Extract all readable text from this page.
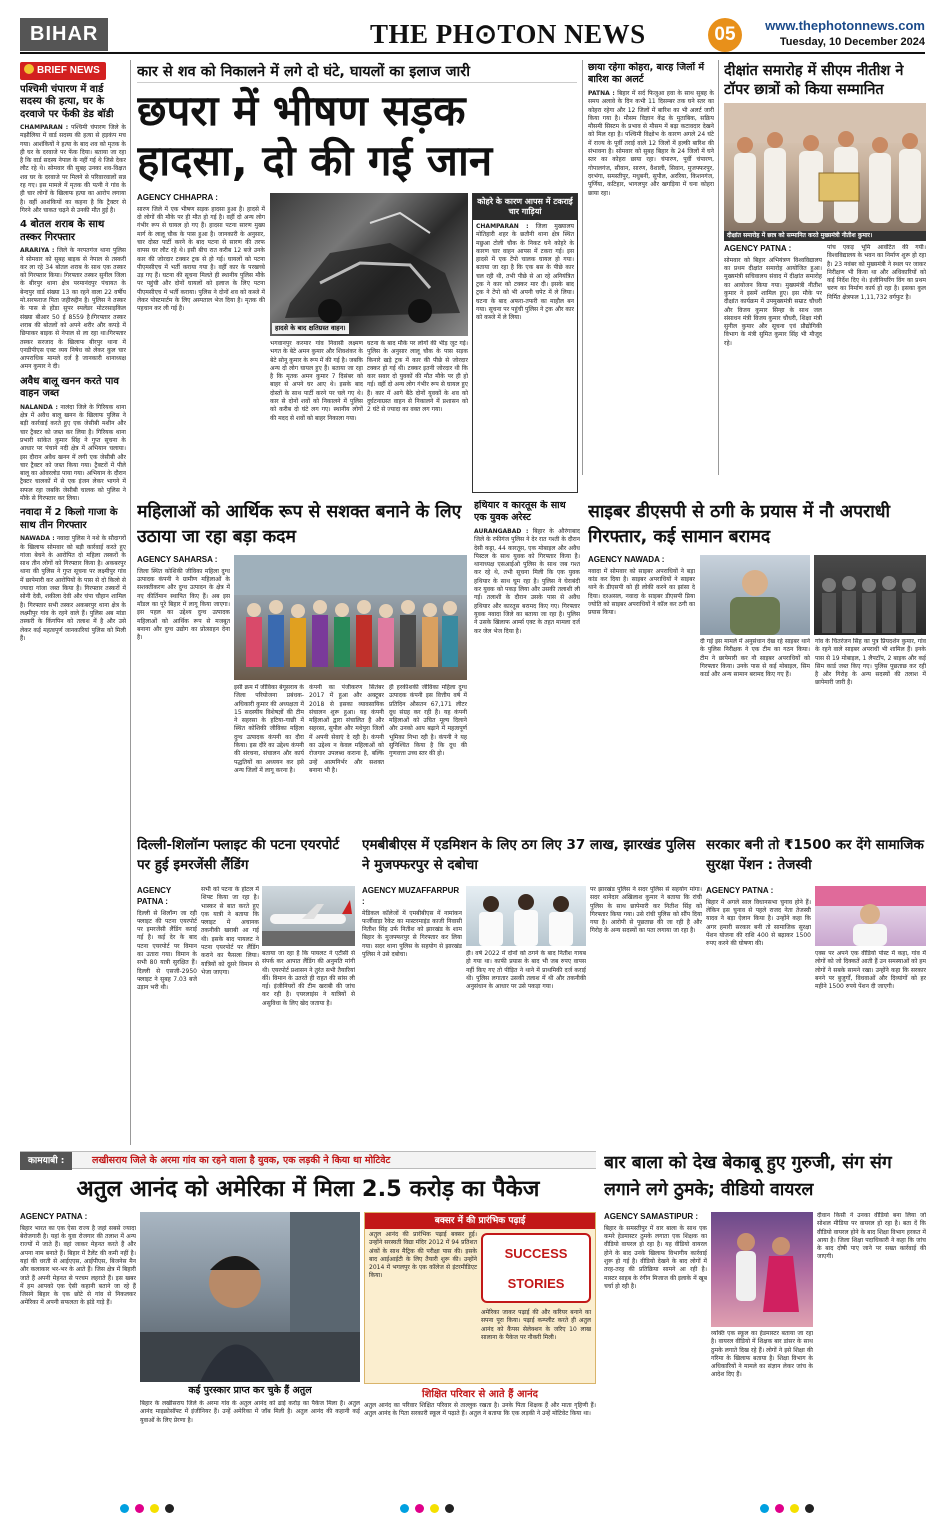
BIHAR	THE PH⊙TON NEWS	05	www.thephotonnews.com
Tuesday, 10 December 2024
BRIEF NEWS
पश्चिमी चंपारण में वार्ड सदस्य की हत्या, घर के दरवाजे पर फेंकी डेड बॉडी
CHAMPARAN : पश्चिमी चंपारण जिले के मझौलिया में वार्ड सदस्य की हत्या से हड़कंप मच गया। आशंकियों ने हत्या के बाद शव को मृतक के ही घर के दरवाजे पर फेंक दिया। बताया जा रहा है कि वार्ड सदस्य नेपाल के नहीं गई थे जिसे देकर लौट रहे थे। सोमवार की सुबह उनका शव-विक्षत शव घर के दरवाजे पर मिलने से परिवारवालों सन्न रह गए। इस मामले में मृतक की पत्नी ने गांव के ही चार लोगों के खिलाफ हत्या का आरोप लगाया है। वहीं आशंकियों का कहना है कि ट्रैक्टर से गिरने और चाकत चढ़ने से उनकी मौत हुई है।
4 बोतल शराब के साथ तस्कर गिरफ्तार
ARARIYA : जिले के नरपतगंज थाना पुलिस ने सोमवार को सुबह बाइक से नेपाल से तस्करी कर ला रहे 34 बोतल शराब के साथ एक तस्कर को गिरफ्तार किया। गिरफ्तार तस्कर सुनील जिला के बीरपुर थाना क्षेत्र परमानंदपुर पंचायत के बेन्दपुर वार्ड संख्या 13 का रहने वाला 22 वर्षीय मो.सरफराज पिता जहीरुद्दीन है। पुलिस ने तस्कर के पास से होंडा सुपर स्पलेंडर मोटरसाइकिल संख्या बीआर 50 ई 8559 है।गिरफ्तार तस्कर शराब की बोतलों को अपने शरीर और कपड़े में छिपाकर बाइक से नेपाल से ला रहा था।गिरफ्तार तस्कर सरजाद के खिलाफ बीरपुर थाना में एनडीपीएस एक्ट व्यय निषेध को लेकर कुल चार आपराधिक मामले दर्ज है जानकारी थानाध्यक्ष अमन कुमार ने दी।
अवैध बालू खनन करते पाव वाहन जब्त
NALANDA : नालंदा जिले के गिरियक थाना क्षेत्र में अवैध बालू खनन के खिलाफ पुलिस ने बड़ी कार्रवाई करते हुए एक जेसीबी मशीन और चार ट्रैक्टर को जब्त कर लिया है। गिरियक थाना प्रभारी सांकेत कुमार सिंह ने गुप्त सूचना के आधार पर पंचाने नदी क्षेत्र में अभियान चलाया। इस दौरान अवैध खनन में लगी एक जेसीबी और चार ट्रैक्टर को जब्त किया गया। ट्रैक्टरों में पीले बालू का ओवरलोड पाया गया। अभियान के दौरान ट्रैक्टर चालकों में से एक इंजन लेकर भागने में सफल रहा जबकि जेसीबी चालक को पुलिस ने मौके से गिरफ्तार कर लिया।
नवादा में 2 किलो गाजा के साथ तीन गिरफ्तार
NAWADA : नवादा पुलिस ने नशे के सौदागरों के खिलाफ सोमवार को बड़ी कार्रवाई करते हुए गांजा बेचने के आरोपित दो महिला तस्करों के साथ तीन लोगों को गिरफ्तार किया है। अकबरपुर थाना की पुलिस ने गुप्त सूचना पर लक्ष्मीपुर गांव में छापेमारी कर आरोपियों के पास से दो किलो से ज्यादा गांजा जब्त किया है। गिरफ्तार तस्करों में सोनी देवी, शकीला देवी और चंपा चौहान शामिल है। गिरफ्तार सभी तस्कर अकबरपुर थाना क्षेत्र के लक्ष्मीपुर गांव के रहने वाले हैं। पुलिस अब मांडा तस्करी के किंगपिन को तलाश में है और उसे लेकर कई महत्वपूर्ण जानकारियां पुलिस को मिली हैं।
कार से शव को निकालने में लगे दो घंटे, घायलों का इलाज जारी
छपरा में भीषण सड़क हादसा, दो की गई जान
AGENCY CHHAPRA :
सारण जिले में एक भीषण सड़क हादसा हुआ है। हादसे में दो लोगों की मौके पर ही मौत हो गई है। वहीं दो अन्य लोग गंभीर रूप से घायल हो गए हैं। हादसा पटना सारण मुख्य मार्ग के लालू चौक के पास हुआ है। जानकारी के अनुसार, चार दोस्त पार्टी करने के बाद पटना से सारण की तरफ वापस घर लौट रहे थे। इसी बीच रात करीब 12 बजे उनके कार की जोरदार टक्कर ट्रक से हो गई। घायलों को पटना पीएमसीएच में भर्ती कराया गया है। वहीं कार के परखच्चे उड़ गए हैं। घटना की सूचना मिलते ही स्थानीय पुलिस मौके पर पहुंची और दोनों घायलों को इलाज के लिए पटना पीएमसीएच में भर्ती कराया। पुलिस ने दोनों शव को कब्जे में लेकर पोस्टमार्टम के लिए अस्पताल भेज दिया है। मृतक की पहचान कर ली गई है।
हादसे के बाद क्षतिग्रस्त वाहन।
भगवानपुर करमार गांव निवासी लक्ष्मण भगत के बेटे अमन कुमार और शिवशंकर के बेटे सोनू कुमार के रूप में की गई है। जबकि अन्य दो लोग घायल हुए हैं। बताया जा रहा है कि मृतक अमन कुमार 7 दिसंबर को बाहर से अपने घर आए थे। इसके बाद दोस्तों के साथ पार्टी करने पर चले गए थे। कार से दोनों शवों को निकालने में पुलिस को करीब दो घंटे लग गए। स्थानीय लोगों की मदद से शवों को बाहर निकाला गया।
घटना के बाद मौके पर लोगों की भीड़ जुट गई। पुलिस के अनुसार लालू चौक के पास सड़क किनारे खड़े ट्रक में कार की पीछे से जोरदार टक्कर हो गई थी। टक्कर इतनी जोरदार थी कि कार सवार दो युवकों की मौत मौके पर ही हो गई। वहीं दो अन्य लोग गंभीर रूप से घायल हुए हैं। कार में आगे बैठे दोनों युवकों के शव को दुर्घटनाग्रस्त वाहन से निकालने में प्रशासन को 2 घंटे से ज्यादा का वक्त लग गया।
कोहरे के कारण आपस में टकराई चार गाड़ियां
CHAMPARAN : जिला मुख्यालय मोतिहारी शहर के छतौनी थाना क्षेत्र स्थित मछुआ टोली चौक के निकट घने कोहरे के कारण चार वाहन आपस में टकरा गई। इस हादसे में एक टेंपो चालक घायल हो गया। बताया जा रहा है कि एक बस के पीछे कार चल रही थी, तभी पीछे से आ रहे अनियंत्रित ट्रक ने कार को टक्कर मार दी। इसके बाद ट्रक ने टेंपो को भी अपनी चपेट में ले लिया। घटना के बाद अफरा-तफरी का माहौल बन गया। सूचना पर पहुंची पुलिस ने ट्रक और कार को कब्जे में ले लिया।
छाया रहेगा कोहरा, बारह जिलों में बारिश का अलर्ट
PATNA : बिहार में सर्द फिजुआ हवा के साथ सुबह के समय अलावे के दिन कभी 11 दिसम्बर तक घने स्तर का कोहरा रहेगा और 12 जिलों में बारिश का भी अलर्ट जारी किया गया है। मौसम विज्ञान केंद्र के मुताबिक, सक्रिय मौसमी सिस्टम के प्रभाव से मौसम में बढ़ा कटावदार देखने को मिल रहा है। पश्चिमी विक्षोभ के कारण अगले 24 घंटे में राज्य के पूर्वी तराई वाले 12 जिलों में हल्की बारिश की संभावना है। सोमवार को सुबह बिहार के 24 जिलों में घने स्तर का कोहरा छाया रहा। चंपारण, पूर्वी चंपारण, गोपालगंज, सीवान, सारण, वैशाली, सिवान, मुजफ्फरपुर, दरभंगा, समस्तीपुर, मधुबनी, सुपौल, अररिया, किशनगंज, पूर्णिया, कटिहार, भागलपुर और खगड़िया में घना कोहरा छाया रहा।
दीक्षांत समारोह में सीएम नीतीश ने टॉपर छात्रों को किया सम्मानित
दीक्षांत समारोह में छात्र को सम्मानित करते मुख्यमंत्री नीतीश कुमार।
AGENCY PATNA :
सोमवार को बिहार अभियंत्रण विश्वविद्यालय का प्रथम दीक्षांत समारोह आयोजित हुआ। मुख्यमंत्री सचिवालय संवाद में दीक्षांत समारोह का आयोजन किया गया। मुख्यमंत्री नीतीश कुमार ने इसमें शामिल हुए। इस मौके पर दीक्षांत कार्यक्रम में उपमुख्यमंत्री सम्राट चौधरी और विजय कुमार सिन्हा के साथ जल संसाधन मंत्री विजय कुमार चौधरी, शिक्षा मंत्री सुनील कुमार और सूचना एवं प्रौद्योगिकी विभाग के मंत्री सुमित कुमार सिंह भी मौजूद रहे।
पांच एकड़ भूमि आवंटित की गयी। विश्वविद्यालय के भवन का निर्माण शुरू हो रहा है। 23 नवंबर को मुख्यमंत्री ने स्थल पर जाकर निरीक्षण भी किया था और अधिकारियों को कई निर्देश दिए थे। इंजीनियरिंग विंग का प्रथम चरण का निर्माण कार्य हो रहा है। इसका कुल निर्मित क्षेत्रफल 1,11,732 वर्गफुट है।
महिलाओं को आर्थिक रूप से सशक्त बनाने के लिए उठाया जा रहा बड़ा कदम
AGENCY SAHARSA :
जिला स्थित कोशिकी जीविका महिला दुग्ध उत्पादक कंपनी ने ग्रामीण महिलाओं के सशक्तीकरण और दुग्ध उत्पादन के क्षेत्र में नए कीर्तिमान स्थापित किए हैं। अब इस मॉडल का पूरे बिहार में लागू किया जाएगा। इस पहल का उद्देश्य दुग्ध उत्पादक महिलाओं को आर्थिक रूप से मजबूत बनाना और दुग्ध उद्योग का प्रोत्साहन देना है।
इसी क्रम में जीविका बेगूसराय के जिला परियोजना प्रबंधक-अधिकारी कुमार की अध्यक्षता में 15 सदस्यीय विशेषज्ञों की टीम ने सहरसा के हटिया-गाछी में स्थित कोशिकी जीविका महिला दुग्ध उत्पादक कंपनी का दौरा किया। इस दौरे का उद्देश्य कंपनी की संरचना, संचालन और कार्य पद्धतियों का अध्ययन कर इसे अन्य जिलों में लागू करना है।
कंपनी का पंजीकरण सितंबर 2017 में हुआ और अक्टूबर 2018 से इसका व्यावसायिक संचालन शुरू हुआ। यह कंपनी महिलाओं द्वारा संचालित है और सहरसा, सुपौल और मधेपुरा जिलों में अपनी सेवाएं दे रही है। कंपनी का उद्देश्य न केवल महिलाओं को रोजगार उपलब्ध कराना है, बल्कि उन्हें आत्मनिर्भर और सशक्त बनाना भी है।
ही हरकीशकी जीविका महिला दुग्ध उत्पादक कंपनी इस वित्तीय वर्ष में प्रतिदिन औसतन 67,171 लीटर दूध संग्रह कर रही है। यह कंपनी महिलाओं को उचित मूल्य दिलाने और उनको आय बढ़ाने में महत्वपूर्ण भूमिका निभा रही है। कंपनी ने यह सुनिश्चित किया है कि दूध की गुणवत्ता उच्च स्तर की हो।
हथियार व कारतूस के साथ एक युवक अरेस्ट
AURANGABAD : बिहार के औरंगाबाद जिले के रफीगंज पुलिस ने देर रात गश्ती के दौरान देसी कट्टा, 44 कारतूस, एक मोबाइल और अवैध पिस्टल के साथ युवक को गिरफ्तार किया है। थानाध्यक्ष एसआईओ पुलिस के साथ जब गश्त कर रहे थे, तभी सूचना मिली कि एक युवक हथियार के साथ घूम रहा है। पुलिस ने घेराबंदी कर युवक को पकड़ लिया और उसकी तलाशी ली गई। तलाशी के दौरान उसके पास से अवैध हथियार और कारतूस बरामद किए गए। गिरफ्तार युवक नवादा जिले का बताया जा रहा है। पुलिस ने उसके खिलाफ आर्म्स एक्ट के तहत मामला दर्ज कर जेल भेज दिया है।
साइबर डीएसपी से ठगी के प्रयास में नौ अपराधी गिरफ्तार, कई सामान बरामद
AGENCY NAWADA :
नवादा में सोमवार को साइबर अपराधियों ने बड़ा कांड कर दिया है। साइबर अपराधियों ने साइबर थाने के डीएसपी को ही लोकी करने का झांसा दे दिया। दरअसल, नवादा के साइबर डीएसपी प्रिया ज्योति को साइबर अपराधियों ने कॉल कर ठगी का प्रयास किया।
दी गई इस मामले में अनुसंधान देख रहे साइबर थाने के पुलिस निरीक्षक ने एक टीम का गठन किया। टीम ने छापेमारी कर नौ साइबर अपराधियों को गिरफ्तार किया। उनके पास से कई मोबाइल, सिम कार्ड और अन्य सामान बरामद किए गए हैं।
गांव के चितरंजन सिंह का पुत्र प्रियदर्शन कुमार, गांव के रहने वाले साइबर अपराधी भी शामिल हैं। इनके पास से 19 मोबाइल, 1 लैपटॉप, 2 बाइक और कई सिम कार्ड जब्त किए गए। पुलिस पूछताछ कर रही है और गिरोह के अन्य सदस्यों की तलाश में छापेमारी जारी है।
दिल्ली-शिलॉन्ग फ्लाइट की पटना एयरपोर्ट पर हुई इमरजेंसी लैंडिंग
AGENCY PATNA :
दिल्ली से शिलॉन्ग जा रही फ्लाइट की पटना एयरपोर्ट पर इमरजेंसी लैंडिंग कराई गई है। कई देर के बाद पटना एयरपोर्ट पर विमान का उतारा गया। विमान के सभी 80 यात्री सुरक्षित हैं। दिल्ली से एसजी-2950 फ्लाइट ने सुबह 7.03 बजे उड़ान भरी थी।
सभी को पटना के होटल में शिफ्ट किया जा रहा है। भास्कर से बात करते हुए एक यात्री ने बताया कि फ्लाइट में अचानक तकनीकी खराबी आ गई थी। इसके बाद पायलट ने पटना एयरपोर्ट पर लैंडिंग कराने का फैसला लिया। यात्रियों को दूसरे विमान से भेजा जाएगा।
बताया जा रहा है कि पायलट ने एटीसी से संपर्क कर आपात लैंडिंग की अनुमति मांगी थी। एयरपोर्ट प्रशासन ने तुरंत सभी तैयारियां कीं। विमान के उतरते ही राहत की सांस ली गई। इंजीनियरों की टीम खराबी की जांच कर रही है। एयरलाइंस ने यात्रियों से असुविधा के लिए खेद जताया है।
एमबीबीएस में एडमिशन के लिए ठग लिए 37 लाख, झारखंड पुलिस ने मुजफ्फरपुर से दबोचा
AGENCY MUZAFFARPUR :
मेडिकल कॉलेजों में एमबीबीएस में नामांकन फर्जीवाड़ा रैकेट का मास्टरमाइंड काजी निवासी नितीश सिंह उर्फ नितीश को झारखंड के शाम बिहार के मुजफ्फरपुर से गिरफ्तार कर लिया गया। सदर थाना पुलिस के सहयोग से झारखंड पुलिस ने उसे दबोचा।	ही। वर्ष 2022 में दोनों को ठगने के बाद नितीश गायब हो गया था। काफी प्रयास के बाद भी जब रुपए वापस नहीं किए गए तो पीड़ित ने थाने में प्राथमिकी दर्ज कराई थी। पुलिस लगातार उसकी तलाश में थी और तकनीकी अनुसंधान के आधार पर उसे पकड़ा गया।
पर झारखंड पुलिस ने सदर पुलिस से सहयोग मांगा। सदर थानेदार अखिलाश कुमार ने बताया कि रांची पुलिस के साथ छापेमारी कर नितीश सिंह को गिरफ्तार किया गया। उसे रांची पुलिस को सौंप दिया गया है। आरोपी से पूछताछ की जा रही है और गिरोह के अन्य सदस्यों का पता लगाया जा रहा है।
सरकार बनी तो ₹1500 कर देंगे सामाजिक सुरक्षा पेंशन : तेजस्वी
AGENCY PATNA :
बिहार में अगले साल विधानसभा चुनाव होने हैं। लेकिन इस चुनाव से पहले राजद नेता तेजस्वी यादव ने बड़ा ऐलान किया है। उन्होंने कहा कि अगर हमारी सरकार बनी तो सामाजिक सुरक्षा पेंशन योजना की राशि 400 से बढ़ाकर 1500 रुपए करने की घोषणा की।
एक्स पर अपने एक वीडियो पोस्ट में कहा, गांव में लोगों को जो दिक्कतें आती हैं उन समस्याओं को हम लोगों ने सबके सामने रखा। उन्होंने कहा कि सरकार बनने पर बुजुर्गों, विधवाओं और दिव्यांगों को हर महीने 1500 रुपये पेंशन दी जाएगी।
कामयाबी :	लखीसराय जिले के अरमा गांव का रहने वाला है युवक, एक लड़की ने किया था मोटिवेट
अतुल आनंद को अमेरिका में मिला 2.5 करोड़ का पैकेज
AGENCY PATNA :
बिहार भारत का एक ऐसा राज्य है जहां सबसे ज्यादा बेरोजगारी है। यहां के युवा रोजगार की तलाश में अन्य राज्यों में जाते हैं। वहां जाकर मेहनत करते हैं और अपना नाम बनाते हैं। बिहार में टैलेंट की कमी नहीं है। यहां की धरती से आईएएस, आईपीएस, बिजनेस मैन और कलाकार भर-भर के आते हैं। जिस क्षेत्र में बिहारी जाते हैं अपनी मेहनत से परचम लहराते हैं। इस खबर में हम आपको एक ऐसी कहानी बताने जा रहे हैं जिसने बिहार के एक छोटे से गांव से निकलकर अमेरिका में अपनी सफलता के झंडे गाड़े हैं।
कई पुरस्कार प्राप्त कर चुके हैं अतुल
बिहार के लखीसराय जिले के अरमा गांव के अतुल आनंद को ढाई करोड़ का पैकेज मिला है। अतुल आनंद माइक्रोसॉफ्ट में इंजीनियर हैं। उन्हें अमेरिका में जॉब मिली है। अतुल आनंद की कहानी कई युवाओं के लिए प्रेरणा है।
बक्सर में की प्रारंभिक पढ़ाई
अतुल आनंद की प्रारंभिक पढ़ाई बक्सर हुई। उन्होंने सरस्वती विद्या मंदिर 2012 में 94 प्रतिशत अंकों के साथ मैट्रिक की परीक्षा पास की। इसके बाद आईआईटी के लिए तैयारी शुरू की। उन्होंने 2014 में भगलपुर के एक कॉलेज से इंटरमीडिएट किया।
SUCCESS STORIES
अमेरिका जाकर पढ़ाई की और करियर बनाने का सपना पूरा किया। पढ़ाई कम्प्लीट करते ही अतुल आनंद को कैंपस सेलेक्शन के जरिए 10 लाख सालाना के पैकेज पर नौकरी मिली।
शिक्षित परिवार से आते हैं आनंद
अतुल आनंद का परिवार शिक्षित परिवार से ताल्लुक रखता है। उनके पिता शिक्षक हैं और माता गृहिणी हैं। अतुल आनंद के पिता सरकारी स्कूल में पढ़ाते हैं। अतुल ने बताया कि एक लड़की ने उन्हें मोटिवेट किया था।
बार बाला को देख बेकाबू हुए गुरुजी, संग संग लगाने लगे ठुमके; वीडियो वायरल
AGENCY SAMASTIPUR :
बिहार के समस्तीपुर में वार बाला के साथ एक कमरे हेडमास्टर ठुमके लगाता एक शिक्षक का वीडियो वायरल हो रहा है। यह वीडियो वायरल होने के बाद उनके खिलाफ विभागीय कार्रवाई शुरू हो गई है। वीडियो देखने के बाद लोगों में तरह-तरह की प्रतिक्रिया सामने आ रही है। मास्टर साहब के रंगीन मिजाज की इलाके में खूब चर्चा हो रही है।
व्यक्ति एक स्कूल का हेडमास्टर बताया जा रहा है। वायरल वीडियो में शिक्षक बार डांसर के साथ ठुमके लगाते दिख रहे हैं। लोगों ने इसे शिक्षा की गरिमा के खिलाफ बताया है। शिक्षा विभाग के अधिकारियों ने मामले का संज्ञान लेकर जांच के आदेश दिए हैं।
दीवान किसी ने उनका वीडियो बना लिया जो सोशल मीडिया पर वायरल हो रहा है। बता दें कि वीडियो वायरल होने के बाद शिक्षा विभाग हरकत में आया है। जिला शिक्षा पदाधिकारी ने कहा कि जांच के बाद दोषी पाए जाने पर सख्त कार्रवाई की जाएगी।
